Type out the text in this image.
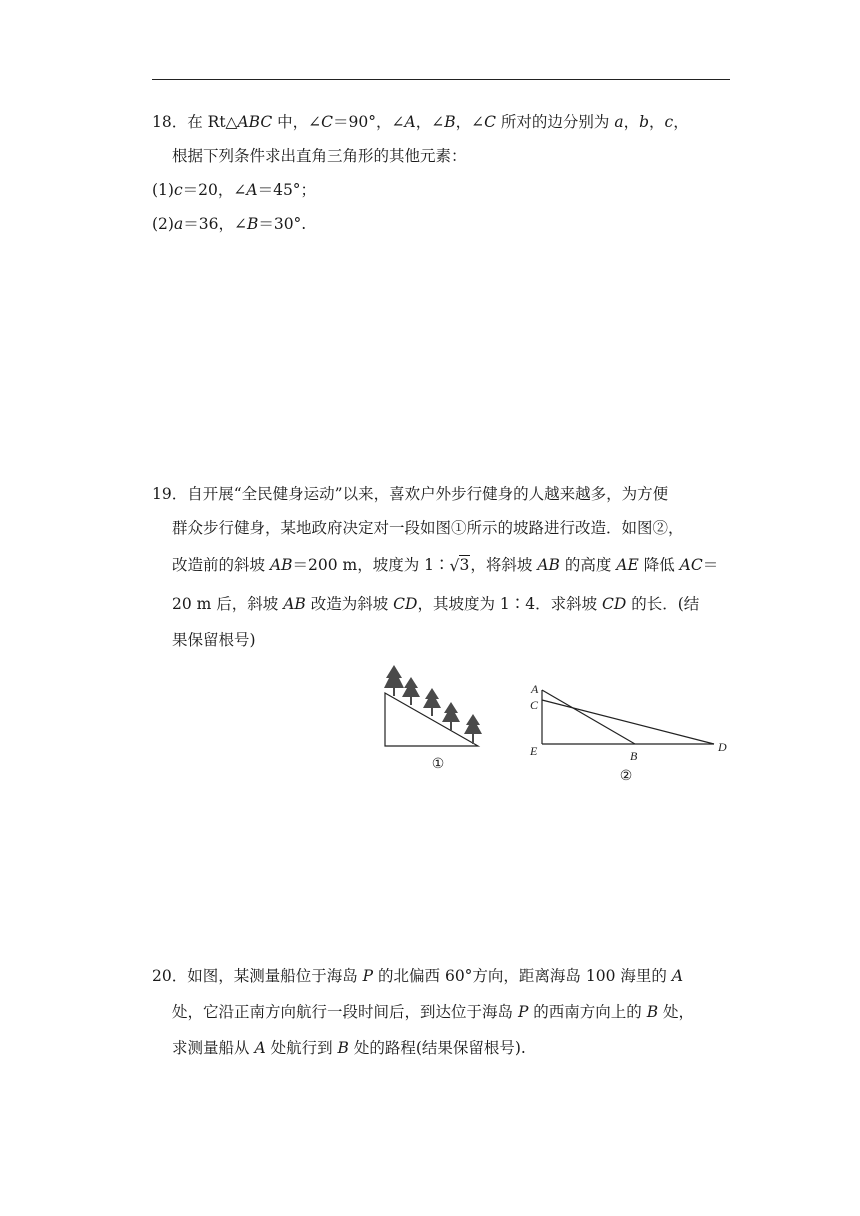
18．在 Rt△ABC 中，∠C＝90°，∠A，∠B，∠C 所对的边分别为 a，b，c，
根据下列条件求出直角三角形的其他元素：
(1)c＝20，∠A＝45°；
(2)a＝36，∠B＝30°.
19．自开展“全民健身运动”以来，喜欢户外步行健身的人越来越多，为方便
群众步行健身，某地政府决定对一段如图①所示的坡路进行改造．如图②，
改造前的斜坡 AB＝200 m，坡度为 1∶ √ 3，将斜坡 AB 的高度 AE 降低 AC＝
20 m 后，斜坡 AB 改造为斜坡 CD，其坡度为 1∶4．求斜坡 CD 的长．(结
果保留根号)
①
A
C
E	B
D
②
20．如图，某测量船位于海岛 P 的北偏西 60°方向，距离海岛 100 海里的 A
处，它沿正南方向航行一段时间后，到达位于海岛 P 的西南方向上的 B 处，
求测量船从 A 处航行到 B 处的路程(结果保留根号).
